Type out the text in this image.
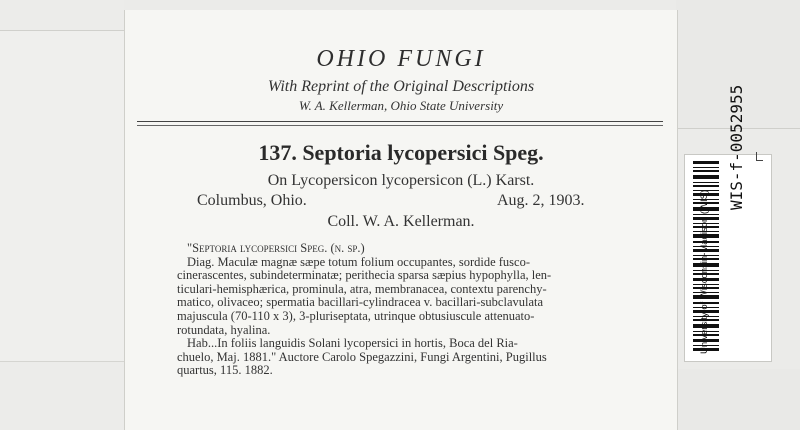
OHIO FUNGI
With Reprint of the Original Descriptions
W. A. Kellerman, Ohio State University
137. Septoria lycopersici Speg.
On Lycopersicon lycopersicon (L.) Karst.
Columbus, Ohio.	Aug. 2, 1903.
Coll. W. A. Kellerman.
"Septoria lycopersici Speg. (n. sp.)
Diag. Maculæ magnæ sæpe totum folium occupantes, sordide fusco-
cinerascentes, subindeterminatæ; perithecia sparsa sæpius hypophylla, len-
ticulari-hemisphærica, prominula, atra, membranacea, contextu parenchy-
matico, olivaceo; spermatia bacillari-cylindracea v. bacillari-subclavulata
majuscula (70-110 x 3), 3-pluriseptata, utrinque obtusiuscule attenuato-
rotundata, hyalina.
Hab...In foliis languidis Solani lycopersici in hortis, Boca del Ria-
chuelo, Maj. 1881." Auctore Carolo Spegazzini, Fungi Argentini, Pugillus
quartus, 115. 1882.
WIS-f-0052955
University of Wisconsin-Madison (WIS)
